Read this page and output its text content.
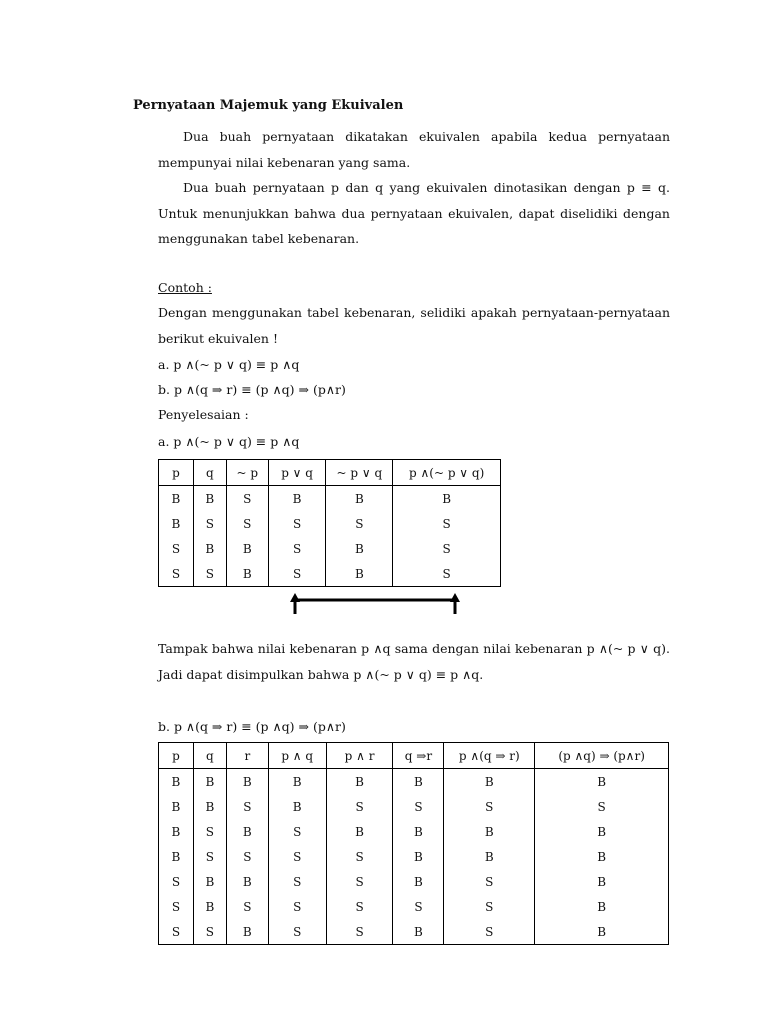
Pernyataan Majemuk yang Ekuivalen

Dua buah pernyataan dikatakan ekuivalen apabila kedua pernyataan mempunyai nilai kebenaran yang sama.

Dua buah pernyataan p dan q yang ekuivalen dinotasikan dengan p ≡ q. Untuk menunjukkan bahwa dua pernyataan ekuivalen, dapat diselidiki dengan menggunakan tabel kebenaran.

Contoh :

Dengan menggunakan tabel kebenaran, selidiki apakah pernyataan-pernyataan berikut ekuivalen !

a. p ∧(~ p ∨ q) ≡ p ∧q

b. p ∧(q ⇒ r) ≡ (p ∧q) ⇒ (p∧r)

Penyelesaian :

a. p ∧(~ p ∨ q) ≡ p ∧q

p	q	~ p	p ∨ q	~ p ∨ q	p ∧(~ p ∨ q)
B	B	S	B	B	B
B	S	S	S	S	S
S	B	B	S	B	S
S	S	B	S	B	S

Tampak bahwa nilai kebenaran p ∧q sama dengan nilai kebenaran p ∧(~ p ∨ q). Jadi dapat disimpulkan bahwa p ∧(~ p ∨ q) ≡ p ∧q.

b. p ∧(q ⇒ r) ≡ (p ∧q) ⇒ (p∧r)

p	q	r	p ∧ q	p ∧ r	q ⇒r	p ∧(q ⇒ r)	(p ∧q) ⇒ (p∧r)
B	B	B	B	B	B	B	B
B	B	S	B	S	S	S	S
B	S	B	S	B	B	B	B
B	S	S	S	S	B	B	B
S	B	B	S	S	B	S	B
S	B	S	S	S	S	S	B
S	S	B	S	S	B	S	B
